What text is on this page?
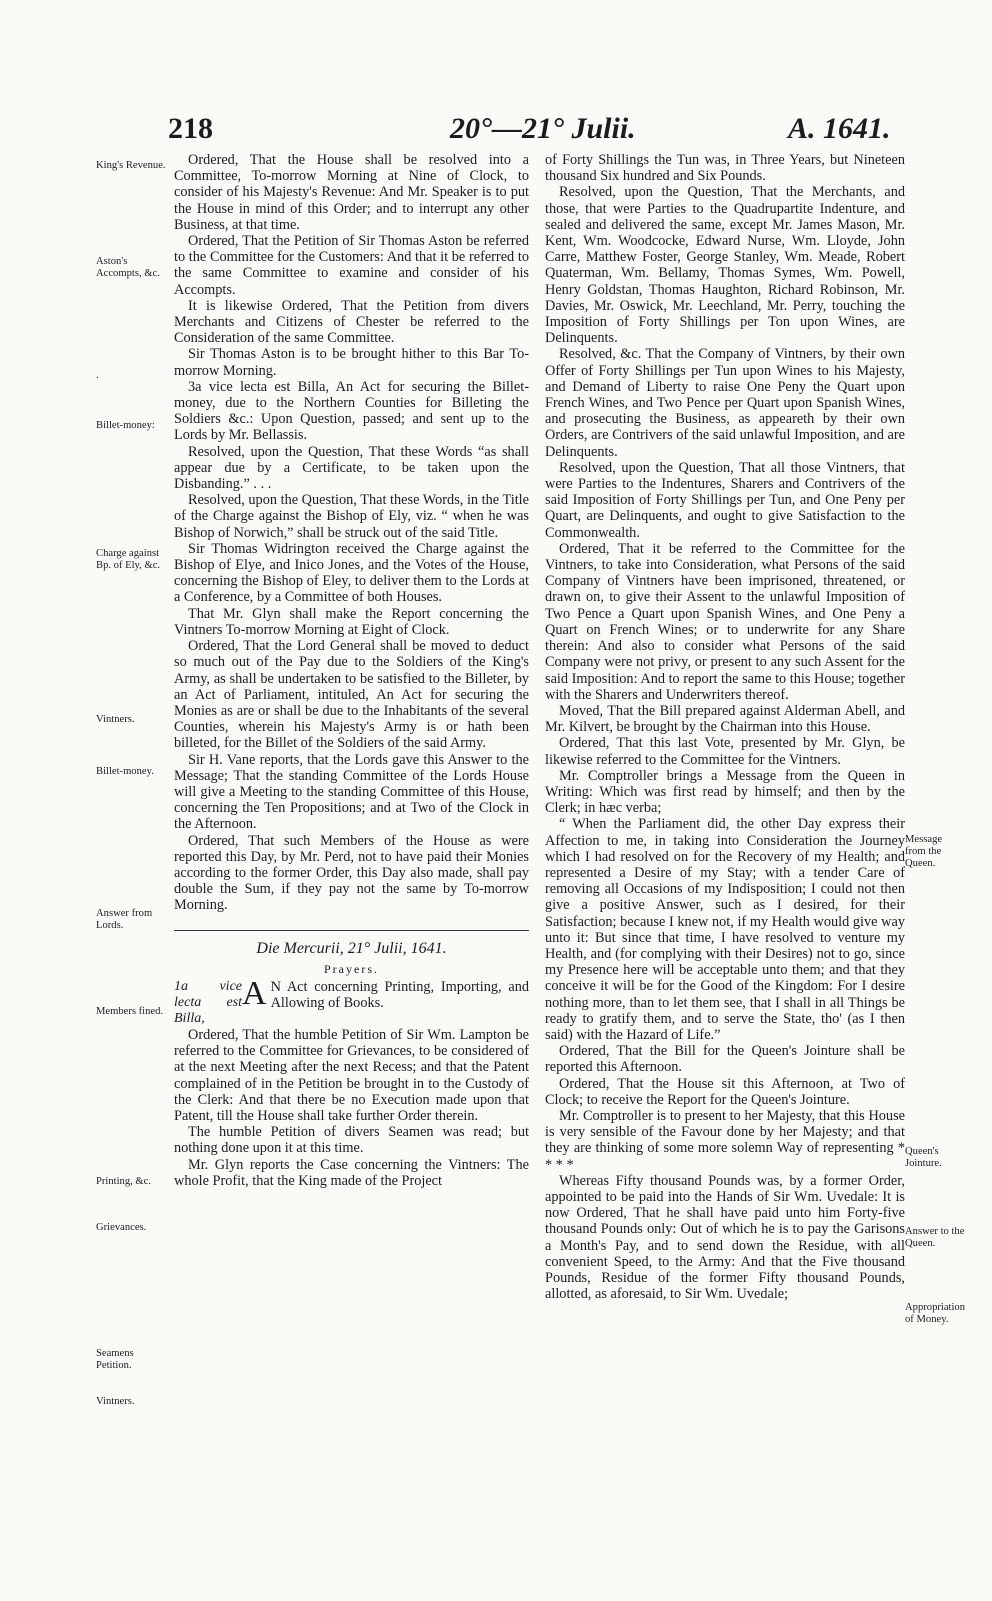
218	20°—21° Julii.	A. 1641.
King's Revenue.
Aston's Accompts, &c.
.
Billet-money:
Charge against Bp. of Ely, &c.
Vintners.
Billet-money.
Answer from Lords.
Members fined.
Printing, &c.
Grievances.
Seamens Petition.
Vintners.
Message from the Queen.
Queen's Jointure.
Answer to the Queen.
Appropriation of Money.

Ordered, That the House shall be resolved into a Committee, To-morrow Morning at Nine of Clock, to consider of his Majesty's Revenue: And Mr. Speaker is to put the House in mind of this Order; and to interrupt any other Business, at that time.

Ordered, That the Petition of Sir Thomas Aston be referred to the Committee for the Customers: And that it be referred to the same Committee to examine and consider of his Accompts.

It is likewise Ordered, That the Petition from divers Merchants and Citizens of Chester be referred to the Consideration of the same Committee.

Sir Thomas Aston is to be brought hither to this Bar To-morrow Morning.

3a vice lecta est Billa, An Act for securing the Billet-money, due to the Northern Counties for Billeting the Soldiers &c.: Upon Question, passed; and sent up to the Lords by Mr. Bellassis.

Resolved, upon the Question, That these Words “as shall appear due by a Certificate, to be taken upon the Disbanding.” . . .

Resolved, upon the Question, That these Words, in the Title of the Charge against the Bishop of Ely, viz. “ when he was Bishop of Norwich,” shall be struck out of the said Title.

Sir Thomas Widrington received the Charge against the Bishop of Elye, and Inico Jones, and the Votes of the House, concerning the Bishop of Eley, to deliver them to the Lords at a Conference, by a Committee of both Houses.

That Mr. Glyn shall make the Report concerning the Vintners To-morrow Morning at Eight of Clock.

Ordered, That the Lord General shall be moved to deduct so much out of the Pay due to the Soldiers of the King's Army, as shall be undertaken to be satisfied to the Billeter, by an Act of Parliament, intituled, An Act for securing the Monies as are or shall be due to the Inhabitants of the several Counties, wherein his Majesty's Army is or hath been billeted, for the Billet of the Soldiers of the said Army.

Sir H. Vane reports, that the Lords gave this Answer to the Message; That the standing Committee of the Lords House will give a Meeting to the standing Committee of this House, concerning the Ten Propositions; and at Two of the Clock in the Afternoon.

Ordered, That such Members of the House as were reported this Day, by Mr. Perd, not to have paid their Monies according to the former Order, this Day also made, shall pay double the Sum, if they pay not the same by To-morrow Morning.

Die Mercurii, 21° Julii, 1641.

Prayers.
1a vice lecta est Billa,
A N Act concerning Printing, Importing, and Allowing of Books.

Ordered, That the humble Petition of Sir Wm. Lampton be referred to the Committee for Grievances, to be considered of at the next Meeting after the next Recess; and that the Patent complained of in the Petition be brought in to the Custody of the Clerk: And that there be no Execution made upon that Patent, till the House shall take further Order therein.

The humble Petition of divers Seamen was read; but nothing done upon it at this time.

Mr. Glyn reports the Case concerning the Vintners: The whole Profit, that the King made of the Project

of Forty Shillings the Tun was, in Three Years, but Nineteen thousand Six hundred and Six Pounds.

Resolved, upon the Question, That the Merchants, and those, that were Parties to the Quadrupartite Indenture, and sealed and delivered the same, except Mr. James Mason, Mr. Kent, Wm. Woodcocke, Edward Nurse, Wm. Lloyde, John Carre, Matthew Foster, George Stanley, Wm. Meade, Robert Quaterman, Wm. Bellamy, Thomas Symes, Wm. Powell, Henry Goldstan, Thomas Haughton, Richard Robinson, Mr. Davies, Mr. Oswick, Mr. Leechland, Mr. Perry, touching the Imposition of Forty Shillings per Ton upon Wines, are Delinquents.

Resolved, &c. That the Company of Vintners, by their own Offer of Forty Shillings per Tun upon Wines to his Majesty, and Demand of Liberty to raise One Peny the Quart upon French Wines, and Two Pence per Quart upon Spanish Wines, and prosecuting the Business, as appeareth by their own Orders, are Contrivers of the said unlawful Imposition, and are Delinquents.

Resolved, upon the Question, That all those Vintners, that were Parties to the Indentures, Sharers and Contrivers of the said Imposition of Forty Shillings per Tun, and One Peny per Quart, are Delinquents, and ought to give Satisfaction to the Commonwealth.

Ordered, That it be referred to the Committee for the Vintners, to take into Consideration, what Persons of the said Company of Vintners have been imprisoned, threatened, or drawn on, to give their Assent to the unlawful Imposition of Two Pence a Quart upon Spanish Wines, and One Peny a Quart on French Wines; or to underwrite for any Share therein: And also to consider what Persons of the said Company were not privy, or present to any such Assent for the said Imposition: And to report the same to this House; together with the Sharers and Underwriters thereof.

Moved, That the Bill prepared against Alderman Abell, and Mr. Kilvert, be brought by the Chairman into this House.

Ordered, That this last Vote, presented by Mr. Glyn, be likewise referred to the Committee for the Vintners.

Mr. Comptroller brings a Message from the Queen in Writing: Which was first read by himself; and then by the Clerk; in hæc verba;

“ When the Parliament did, the other Day express their Affection to me, in taking into Consideration the Journey which I had resolved on for the Recovery of my Health; and represented a Desire of my Stay; with a tender Care of removing all Occasions of my Indisposition; I could not then give a positive Answer, such as I desired, for their Satisfaction; because I knew not, if my Health would give way unto it: But since that time, I have resolved to venture my Health, and (for complying with their Desires) not to go, since my Presence here will be acceptable unto them; and that they conceive it will be for the Good of the Kingdom: For I desire nothing more, than to let them see, that I shall in all Things be ready to gratify them, and to serve the State, tho' (as I then said) with the Hazard of Life.”

Ordered, That the Bill for the Queen's Jointure shall be reported this Afternoon.

Ordered, That the House sit this Afternoon, at Two of Clock; to receive the Report for the Queen's Jointure.

Mr. Comptroller is to present to her Majesty, that this House is very sensible of the Favour done by her Majesty; and that they are thinking of some more solemn Way of representing * * * *

Whereas Fifty thousand Pounds was, by a former Order, appointed to be paid into the Hands of Sir Wm. Uvedale: It is now Ordered, That he shall have paid unto him Forty-five thousand Pounds only: Out of which he is to pay the Garisons a Month's Pay, and to send down the Residue, with all convenient Speed, to the Army: And that the Five thousand Pounds, Residue of the former Fifty thousand Pounds, allotted, as aforesaid, to Sir Wm. Uvedale;
